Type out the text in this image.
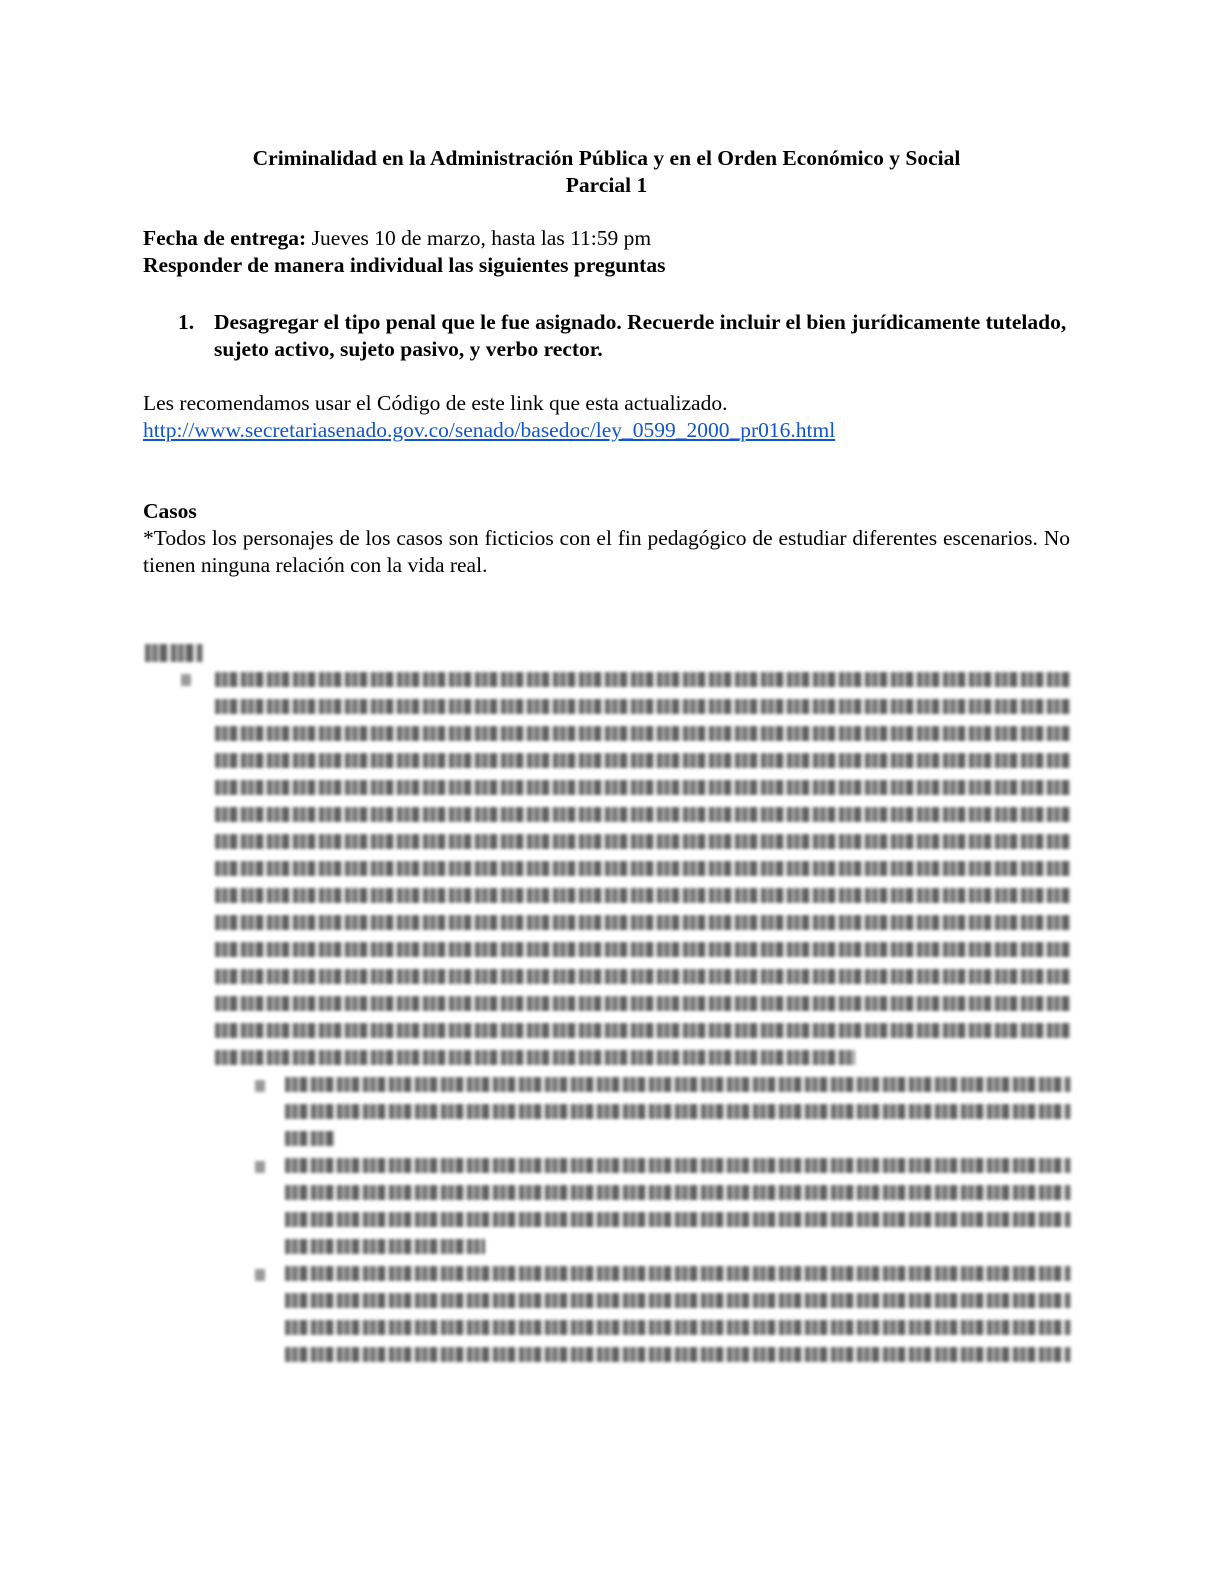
Criminalidad en la Administración Pública y en el Orden Económico y Social
Parcial 1
Fecha de entrega: Jueves 10 de marzo, hasta las 11:59 pm
Responder de manera individual las siguientes preguntas
1. Desagregar el tipo penal que le fue asignado. Recuerde incluir el bien jurídicamente tutelado, sujeto activo, sujeto pasivo, y verbo rector.
Les recomendamos usar el Código de este link que esta actualizado.
http://www.secretariasenado.gov.co/senado/basedoc/ley_0599_2000_pr016.html
Casos
*Todos los personajes de los casos son ficticios con el fin pedagógico de estudiar diferentes escenarios. No tienen ninguna relación con la vida real.
